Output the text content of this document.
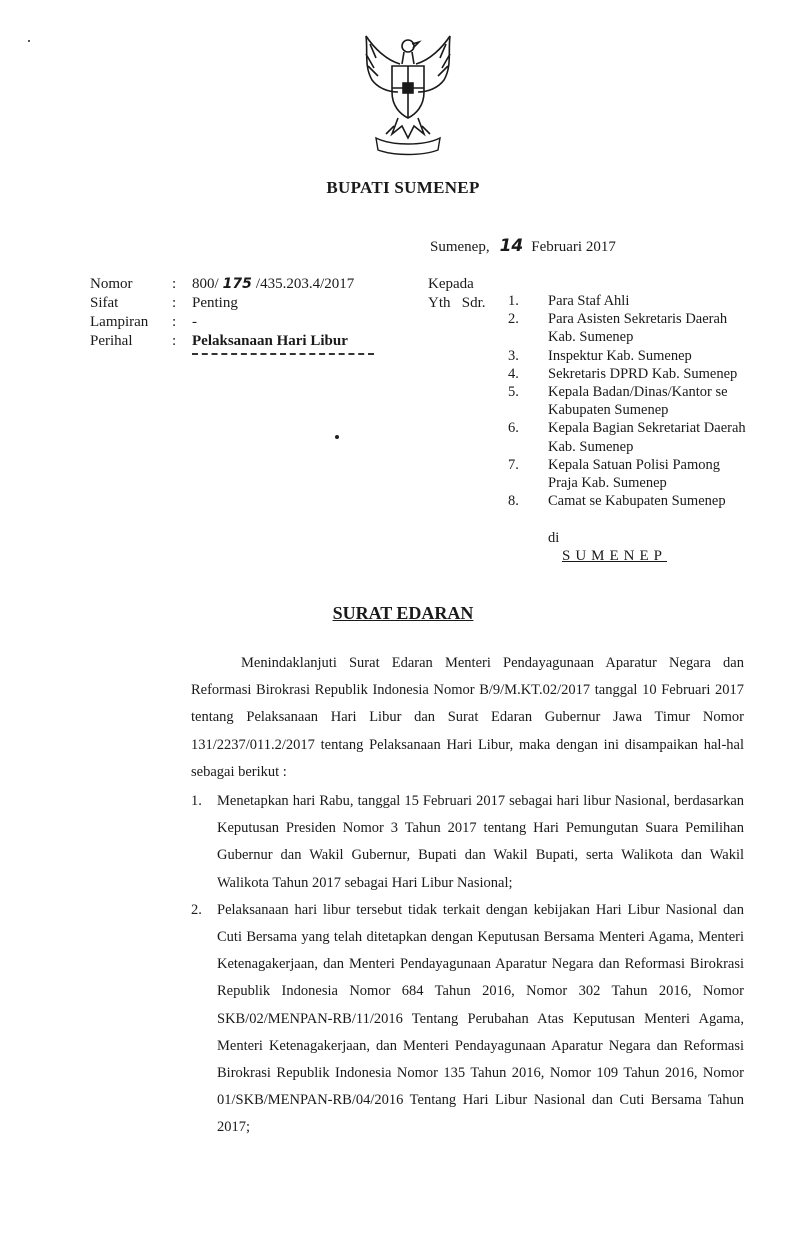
BUPATI SUMENEP
Sumenep, 14 Februari 2017
Nomor	:	800/ 175 /435.203.4/2017
Sifat	:	Penting
Lampiran	:	-
Perihal	:	Pelaksanaan Hari Libur
Kepada
Yth   Sdr. 1.	Para Staf Ahli
2.	Para Asisten Sekretaris Daerah Kab. Sumenep
3.	Inspektur Kab. Sumenep
4.	Sekretaris DPRD Kab. Sumenep
5.	Kepala Badan/Dinas/Kantor se Kabupaten Sumenep
6.	Kepala Bagian Sekretariat Daerah Kab. Sumenep
7.	Kepala Satuan Polisi Pamong Praja Kab. Sumenep
8.	Camat se Kabupaten Sumenep
di
SUMENEP
SURAT EDARAN

Menindaklanjuti Surat Edaran Menteri Pendayagunaan Aparatur Negara dan Reformasi Birokrasi Republik Indonesia Nomor B/9/M.KT.02/2017 tanggal 10 Februari 2017 tentang Pelaksanaan Hari Libur dan Surat Edaran Gubernur Jawa Timur Nomor 131/2237/011.2/2017 tentang Pelaksanaan Hari Libur, maka dengan ini disampaikan hal-hal sebagai berikut :

1.	Menetapkan hari Rabu, tanggal 15 Februari 2017 sebagai hari libur Nasional, berdasarkan Keputusan Presiden Nomor 3 Tahun 2017 tentang Hari Pemungutan Suara Pemilihan Gubernur dan Wakil Gubernur, Bupati dan Wakil Bupati, serta Walikota dan Wakil Walikota Tahun 2017 sebagai Hari Libur Nasional;
2.	Pelaksanaan hari libur tersebut tidak terkait dengan kebijakan Hari Libur Nasional dan Cuti Bersama yang telah ditetapkan dengan Keputusan Bersama Menteri Agama, Menteri Ketenagakerjaan, dan Menteri Pendayagunaan Aparatur Negara dan Reformasi Birokrasi Republik Indonesia Nomor 684 Tahun 2016, Nomor 302 Tahun 2016, Nomor SKB/02/MENPAN-RB/11/2016 Tentang Perubahan Atas Keputusan Menteri Agama, Menteri Ketenagakerjaan, dan Menteri Pendayagunaan Aparatur Negara dan Reformasi Birokrasi Republik Indonesia Nomor 135 Tahun 2016, Nomor 109 Tahun 2016, Nomor 01/SKB/MENPAN-RB/04/2016 Tentang Hari Libur Nasional dan Cuti Bersama Tahun 2017;
